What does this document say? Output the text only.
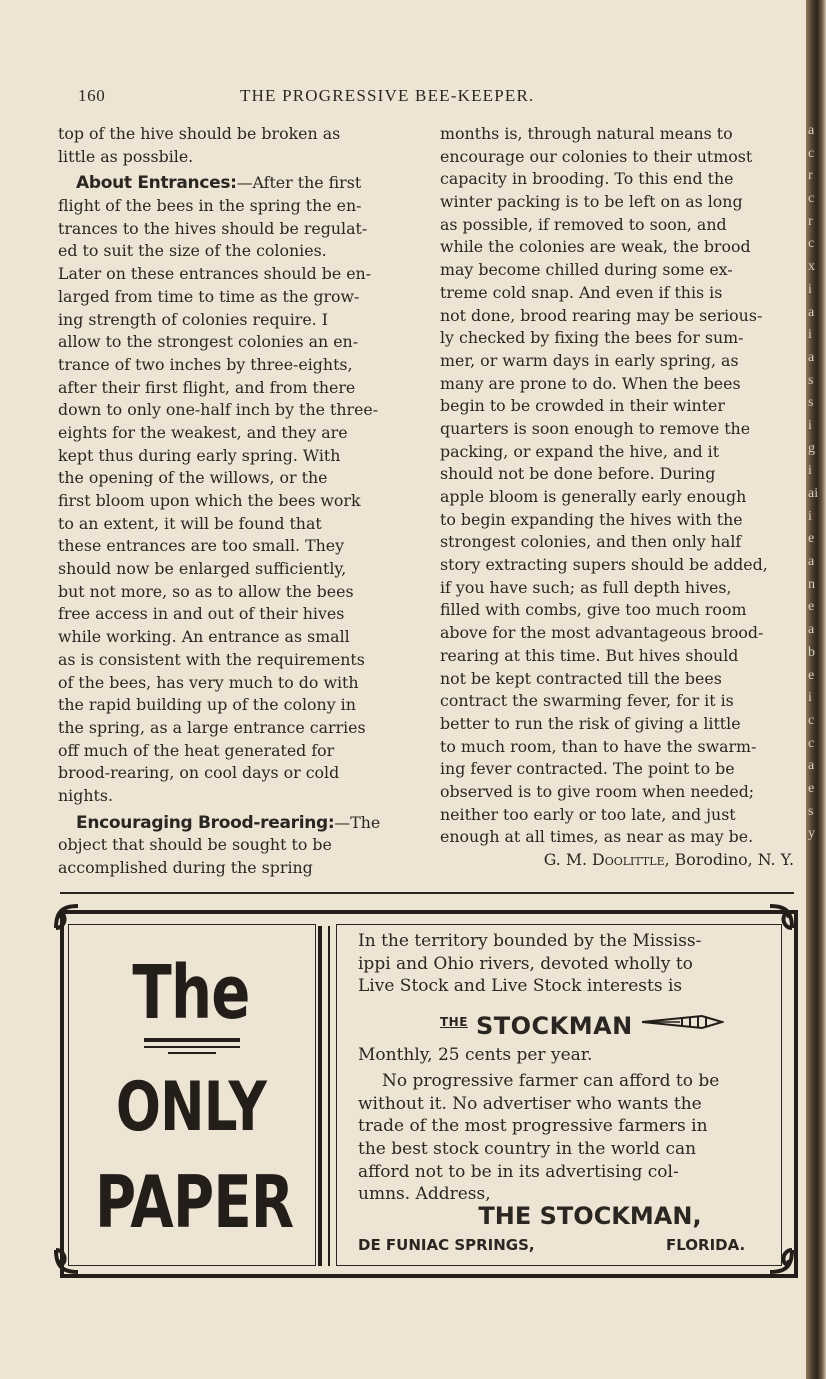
a
c
r
c
r
c
x
i
a
i
a
s
s
i
g
i
ai
i
e
a
n
e
a
b
e
i
c
c
a
e
s
y
160	THE PROGRESSIVE BEE-KEEPER.
top of the hive should be broken as
little as possbile.
About Entrances:—After the first
flight of the bees in the spring the en-
trances to the hives should be regulat-
ed to suit the size of the colonies.
Later on these entrances should be en-
larged from time to time as the grow-
ing strength of colonies require. I
allow to the strongest colonies an en-
trance of two inches by three-eights,
after their first flight, and from there
down to only one-half inch by the three-
eights for the weakest, and they are
kept thus during early spring. With
the opening of the willows, or the
first bloom upon which the bees work
to an extent, it will be found that
these entrances are too small. They
should now be enlarged sufficiently,
but not more, so as to allow the bees
free access in and out of their hives
while working. An entrance as small
as is consistent with the requirements
of the bees, has very much to do with
the rapid building up of the colony in
the spring, as a large entrance carries
off much of the heat generated for
brood-rearing, on cool days or cold
nights.
Encouraging Brood-rearing:—The
object that should be sought to be
accomplished during the spring
months is, through natural means to
encourage our colonies to their utmost
capacity in brooding. To this end the
winter packing is to be left on as long
as possible, if removed to soon, and
while the colonies are weak, the brood
may become chilled during some ex-
treme cold snap. And even if this is
not done, brood rearing may be serious-
ly checked by fixing the bees for sum-
mer, or warm days in early spring, as
many are prone to do. When the bees
begin to be crowded in their winter
quarters is soon enough to remove the
packing, or expand the hive, and it
should not be done before. During
apple bloom is generally early enough
to begin expanding the hives with the
strongest colonies, and then only half
story extracting supers should be added,
if you have such; as full depth hives,
filled with combs, give too much room
above for the most advantageous brood-
rearing at this time. But hives should
not be kept contracted till the bees
contract the swarming fever, for it is
better to run the risk of giving a little
to much room, than to have the swarm-
ing fever contracted. The point to be
observed is to give room when needed;
neither too early or too late, and just
enough at all times, as near as may be.
G. M. Doolittle, Borodino, N. Y.
The
ONLY
PAPER
In the territory bounded by the Mississ-
ippi and Ohio rivers, devoted wholly to
Live Stock and Live Stock interests is
$^{THE}$ STOCKMAN
Monthly, 25 cents per year.
No progressive farmer can afford to be
without it. No advertiser who wants the
trade of the most progressive farmers in
the best stock country in the world can
afford not to be in its advertising col-
umns. Address,
THE STOCKMAN,
DE FUNIAC SPRINGS,	FLORIDA.
